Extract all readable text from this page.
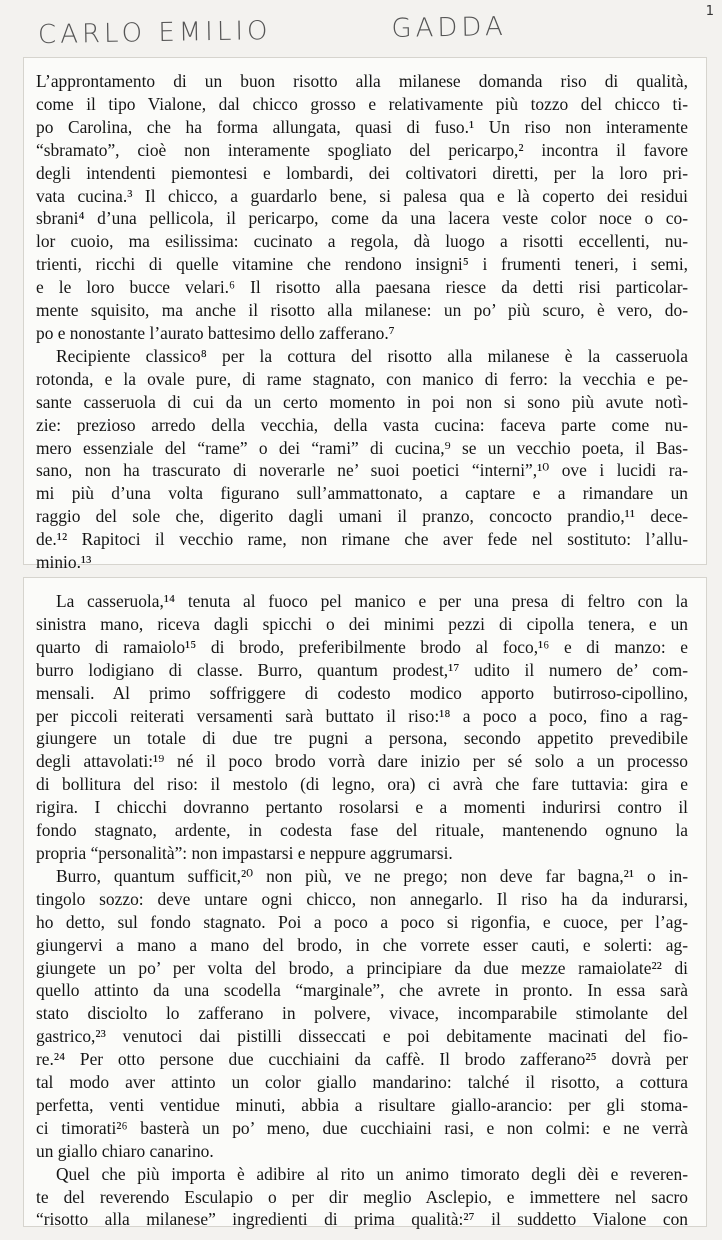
1
CARLO EMILIO	GADDA
L’approntamento di un buon risotto alla milanese domanda riso di qualità,
come il tipo Vialone, dal chicco grosso e relativamente più tozzo del chicco ti-
po Carolina, che ha forma allungata, quasi di fuso.¹ Un riso non interamente
“sbramato”, cioè non interamente spogliato del pericarpo,² incontra il favore
degli intendenti piemontesi e lombardi, dei coltivatori diretti, per la loro pri-
vata cucina.³ Il chicco, a guardarlo bene, si palesa qua e là coperto dei residui
sbrani⁴ d’una pellicola, il pericarpo, come da una lacera veste color noce o co-
lor cuoio, ma esilissima: cucinato a regola, dà luogo a risotti eccellenti, nu-
trienti, ricchi di quelle vitamine che rendono insigni⁵ i frumenti teneri, i semi,
e le loro bucce velari.⁶ Il risotto alla paesana riesce da detti risi particolar-
mente squisito, ma anche il risotto alla milanese: un po’ più scuro, è vero, do-
po e nonostante l’aurato battesimo dello zafferano.⁷
Recipiente classico⁸ per la cottura del risotto alla milanese è la casseruola
rotonda, e la ovale pure, di rame stagnato, con manico di ferro: la vecchia e pe-
sante casseruola di cui da un certo momento in poi non si sono più avute notì-
zie: prezioso arredo della vecchia, della vasta cucina: faceva parte come nu-
mero essenziale del “rame” o dei “rami” di cucina,⁹ se un vecchio poeta, il Bas-
sano, non ha trascurato di noverarle ne’ suoi poetici “interni”,¹⁰ ove i lucidi ra-
mi più d’una volta figurano sull’ammattonato, a captare e a rimandare un
raggio del sole che, digerito dagli umani il pranzo, concocto prandio,¹¹ dece-
de.¹² Rapitoci il vecchio rame, non rimane che aver fede nel sostituto: l’allu-
minio.¹³
La casseruola,¹⁴ tenuta al fuoco pel manico e per una presa di feltro con la
sinistra mano, riceva dagli spicchi o dei minimi pezzi di cipolla tenera, e un
quarto di ramaiolo¹⁵ di brodo, preferibilmente brodo al foco,¹⁶ e di manzo: e
burro lodigiano di classe. Burro, quantum prodest,¹⁷ udito il numero de’ com-
mensali. Al primo soffriggere di codesto modico apporto butirroso-cipollino,
per piccoli reiterati versamenti sarà buttato il riso:¹⁸ a poco a poco, fino a rag-
giungere un totale di due tre pugni a persona, secondo appetito prevedibile
degli attavolati:¹⁹ né il poco brodo vorrà dare inizio per sé solo a un processo
di bollitura del riso: il mestolo (di legno, ora) ci avrà che fare tuttavia: gira e
rigira. I chicchi dovranno pertanto rosolarsi e a momenti indurirsi contro il
fondo stagnato, ardente, in codesta fase del rituale, mantenendo ognuno la
propria “personalità”: non impastarsi e neppure aggrumarsi.
Burro, quantum sufficit,²⁰ non più, ve ne prego; non deve far bagna,²¹ o in-
tingolo sozzo: deve untare ogni chicco, non annegarlo. Il riso ha da indurarsi,
ho detto, sul fondo stagnato. Poi a poco a poco si rigonfia, e cuoce, per l’ag-
giungervi a mano a mano del brodo, in che vorrete esser cauti, e solerti: ag-
giungete un po’ per volta del brodo, a principiare da due mezze ramaiolate²² di
quello attinto da una scodella “marginale”, che avrete in pronto. In essa sarà
stato disciolto lo zafferano in polvere, vivace, incomparabile stimolante del
gastrico,²³ venutoci dai pistilli disseccati e poi debitamente macinati del fio-
re.²⁴ Per otto persone due cucchiaini da caffè. Il brodo zafferano²⁵ dovrà per
tal modo aver attinto un color giallo mandarino: talché il risotto, a cottura
perfetta, venti ventidue minuti, abbia a risultare giallo-arancio: per gli stoma-
ci timorati²⁶ basterà un po’ meno, due cucchiaini rasi, e non colmi: e ne verrà
un giallo chiaro canarino.
Quel che più importa è adibire al rito un animo timorato degli dèi e reveren-
te del reverendo Esculapio o per dir meglio Asclepio, e immettere nel sacro
“risotto alla milanese” ingredienti di prima qualità:²⁷ il suddetto Vialone con
